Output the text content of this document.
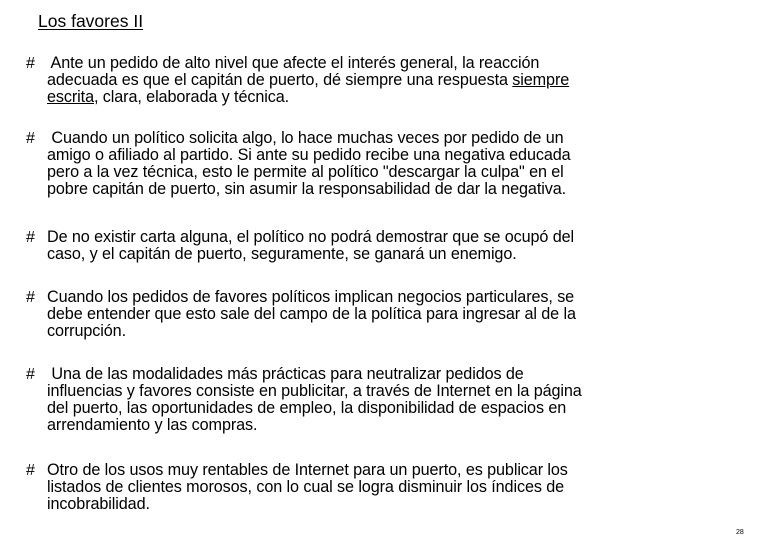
Los favores II
# Ante un pedido de alto nivel que afecte el interés general, la reacción
adecuada es que el capitán de puerto, dé siempre una respuesta siempre
escrita, clara, elaborada y técnica.
# Cuando un político solicita algo, lo hace muchas veces por pedido de un
amigo o afiliado al partido. Si ante su pedido recibe una negativa educada
pero a la vez técnica, esto le permite al político "descargar la culpa" en el
pobre capitán de puerto, sin asumir la responsabilidad de dar la negativa.
# De no existir carta alguna, el político no podrá demostrar que se ocupó del
caso, y el capitán de puerto, seguramente, se ganará un enemigo.
# Cuando los pedidos de favores políticos implican negocios particulares, se
debe entender que esto sale del campo de la política para ingresar al de la
corrupción.
# Una de las modalidades más prácticas para neutralizar pedidos de
influencias y favores consiste en publicitar, a través de Internet en la página
del puerto, las oportunidades de empleo, la disponibilidad de espacios en
arrendamiento y las compras.
# Otro de los usos muy rentables de Internet para un puerto, es publicar los
listados de clientes morosos, con lo cual se logra disminuir los índices de
incobrabilidad.
28
